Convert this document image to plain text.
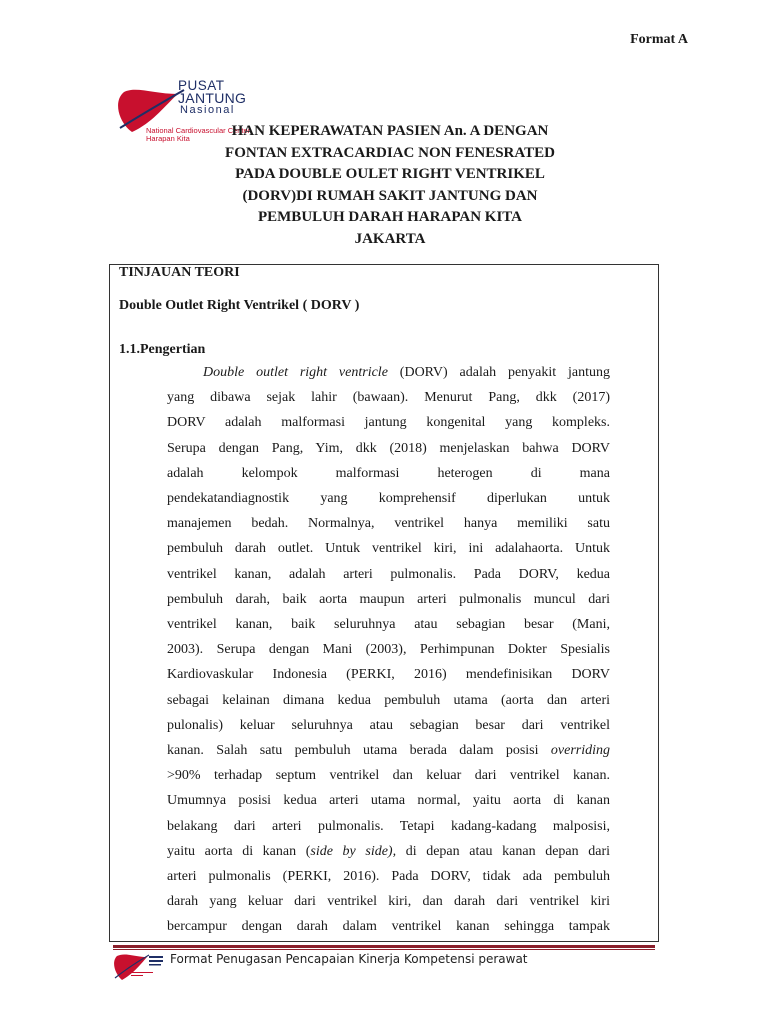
Format A
PUSAT
JANTUNG
Nasional
National Cardiovascular Center
Harapan Kita	HAN KEPERAWATAN PASIEN An. A DENGAN
FONTAN EXTRACARDIAC NON FENESRATED
PADA DOUBLE OULET RIGHT VENTRIKEL
(DORV)DI RUMAH SAKIT JANTUNG DAN
PEMBULUH DARAH HARAPAN KITA
JAKARTA
TINJAUAN TEORI
Double Outlet Right Ventrikel ( DORV )
1.1.Pengertian
Double outlet right ventricle (DORV) adalah penyakit jantung
yang dibawa sejak lahir (bawaan). Menurut Pang, dkk (2017)
DORV adalah malformasi jantung kongenital yang kompleks.
Serupa dengan Pang, Yim, dkk (2018) menjelaskan bahwa DORV
adalah	kelompok	malformasi	heterogen	di	mana
pendekatandiagnostik yang komprehensif diperlukan untuk
manajemen bedah. Normalnya, ventrikel hanya memiliki satu
pembuluh darah outlet. Untuk ventrikel kiri, ini adalahaorta. Untuk
ventrikel kanan, adalah arteri pulmonalis. Pada DORV, kedua
pembuluh darah, baik aorta maupun arteri pulmonalis muncul dari
ventrikel kanan, baik seluruhnya atau sebagian besar (Mani,
2003). Serupa dengan Mani (2003), Perhimpunan Dokter Spesialis
Kardiovaskular Indonesia (PERKI, 2016) mendefinisikan DORV
sebagai kelainan dimana kedua pembuluh utama (aorta dan arteri
pulonalis) keluar seluruhnya atau sebagian besar dari ventrikel
kanan. Salah satu pembuluh utama berada dalam posisi overriding
>90% terhadap septum ventrikel dan keluar dari ventrikel kanan.
Umumnya posisi kedua arteri utama normal, yaitu aorta di kanan
belakang dari arteri pulmonalis. Tetapi kadang-kadang malposisi,
yaitu aorta di kanan (side by side), di depan atau kanan depan dari
arteri pulmonalis (PERKI, 2016). Pada DORV, tidak ada pembuluh
darah yang keluar dari ventrikel kiri, dan darah dari ventrikel kiri
bercampur dengan darah dalam ventrikel kanan sehingga tampak
Format Penugasan Pencapaian Kinerja Kompetensi perawat
